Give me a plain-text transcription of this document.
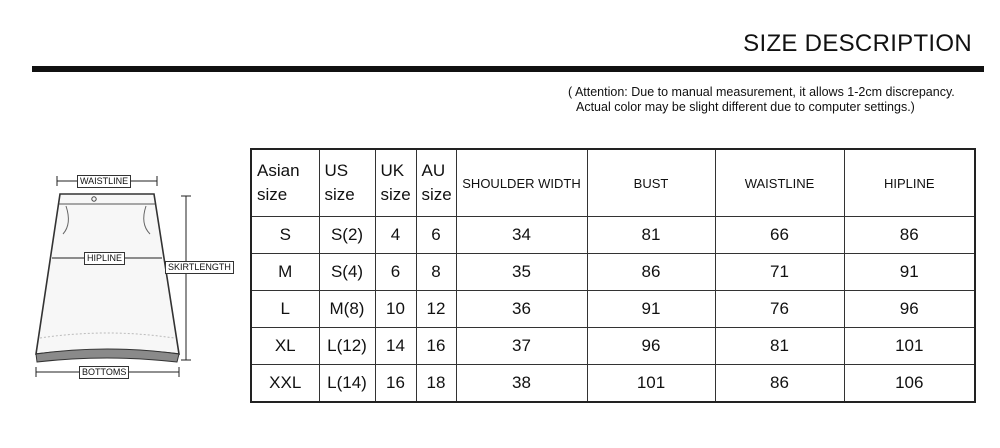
SIZE DESCRIPTION
( Attention: Due to manual measurement, it allows 1-2cm discrepancy.
Actual color may be slight different due to computer settings.)
WAISTLINE
HIPLINE
SKIRTLENGTH
BOTTOMS
Asian size	US size	UK size	AU size	SHOULDER WIDTH	BUST	WAISTLINE	HIPLINE
S	S(2)	4	6	34	81	66	86
M	S(4)	6	8	35	86	71	91
L	M(8)	10	12	36	91	76	96
XL	L(12)	14	16	37	96	81	101
XXL	L(14)	16	18	38	101	86	106
